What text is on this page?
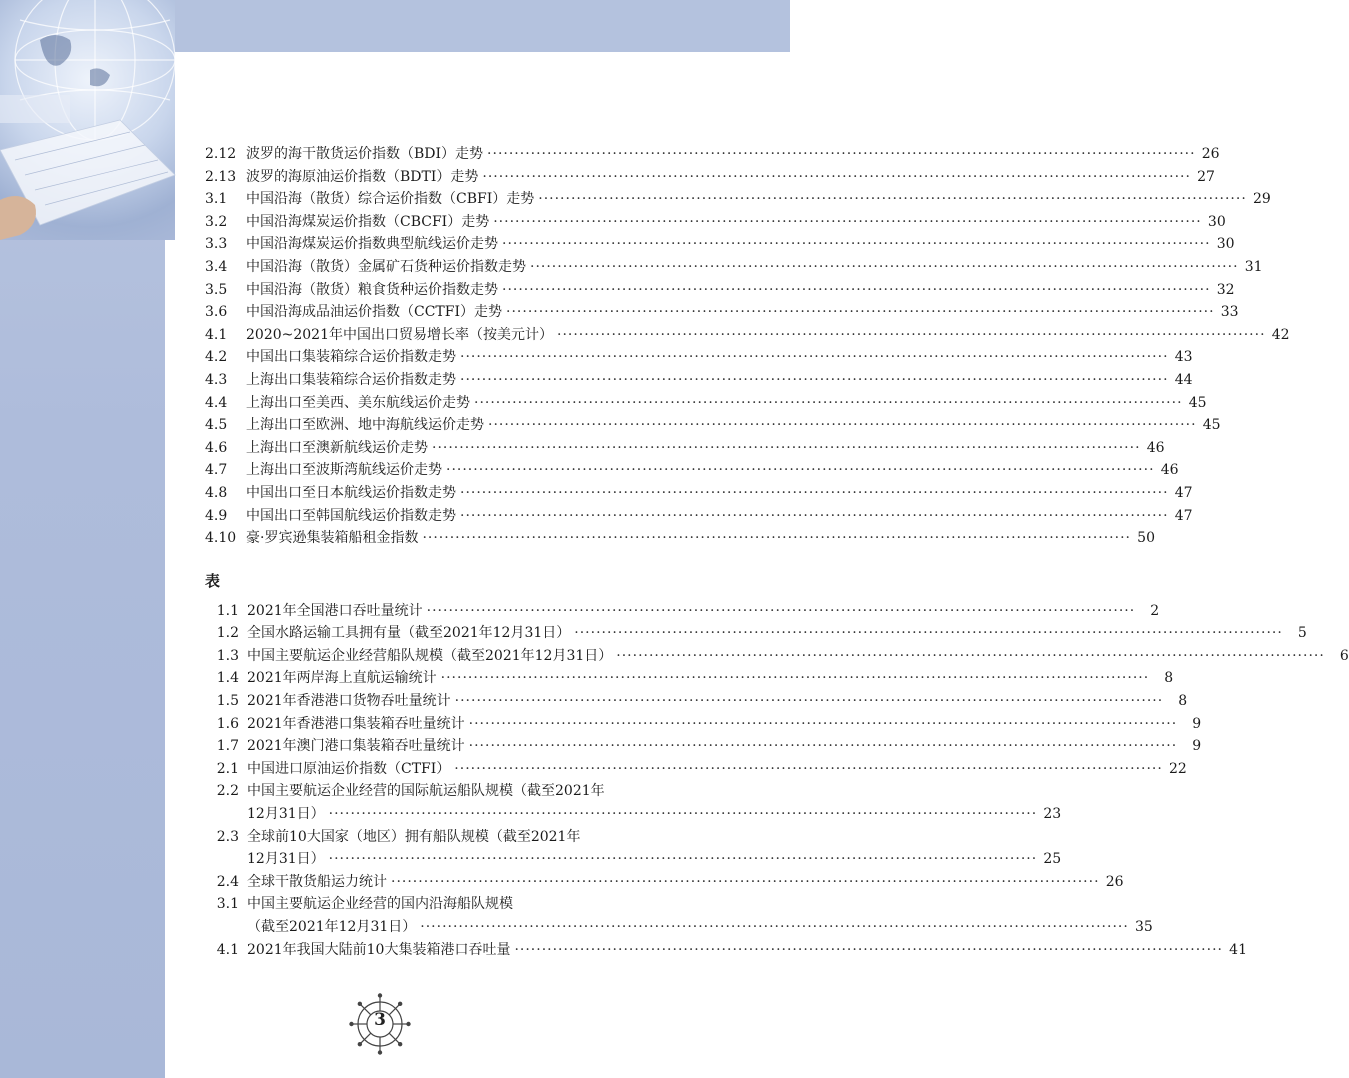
2.12 波罗的海干散货运价指数（BDI）走势 ·····	26
2.13 波罗的海原油运价指数（BDTI）走势 ·····	27
3.1	中国沿海（散货）综合运价指数（CBFI）走势 ·····	29
3.2	中国沿海煤炭运价指数（CBCFI）走势 ·····	30
3.3	中国沿海煤炭运价指数典型航线运价走势 ·····	30
3.4	中国沿海（散货）金属矿石货种运价指数走势 ·····	31
3.5	中国沿海（散货）粮食货种运价指数走势 ·····	32
3.6	中国沿海成品油运价指数（CCTFI）走势 ·····	33
4.1	2020~2021年中国出口贸易增长率（按美元计） ·····	42
4.2	中国出口集装箱综合运价指数走势 ·····	43
4.3	上海出口集装箱综合运价指数走势 ·····	44
4.4	上海出口至美西、美东航线运价走势 ·····	45
4.5	上海出口至欧洲、地中海航线运价走势 ·····	45
4.6	上海出口至澳新航线运价走势 ·····	46
4.7	上海出口至波斯湾航线运价走势 ·····	46
4.8	中国出口至日本航线运价指数走势 ·····	47
4.9	中国出口至韩国航线运价指数走势 ·····	47
4.10 豪·罗宾逊集装箱船租金指数 ·····	50
表
1.1 2021年全国港口吞吐量统计 ·····	2
1.2 全国水路运输工具拥有量（截至2021年12月31日） ·····	5
1.3 中国主要航运企业经营船队规模（截至2021年12月31日） ·····	6
1.4 2021年两岸海上直航运输统计 ·····	8
1.5 2021年香港港口货物吞吐量统计 ·····	8
1.6 2021年香港港口集装箱吞吐量统计 ·····	9
1.7 2021年澳门港口集装箱吞吐量统计 ·····	9
2.1 中国进口原油运价指数（CTFI） ·····	22
2.2 中国主要航运企业经营的国际航运船队规模（截至2021年
12月31日） ·····	23
2.3 全球前10大国家（地区）拥有船队规模（截至2021年
12月31日） ·····	25
2.4 全球干散货船运力统计 ·····	26
3.1 中国主要航运企业经营的国内沿海船队规模
（截至2021年12月31日） ·····	35
4.1 2021年我国大陆前10大集装箱港口吞吐量 ·····	41
3
